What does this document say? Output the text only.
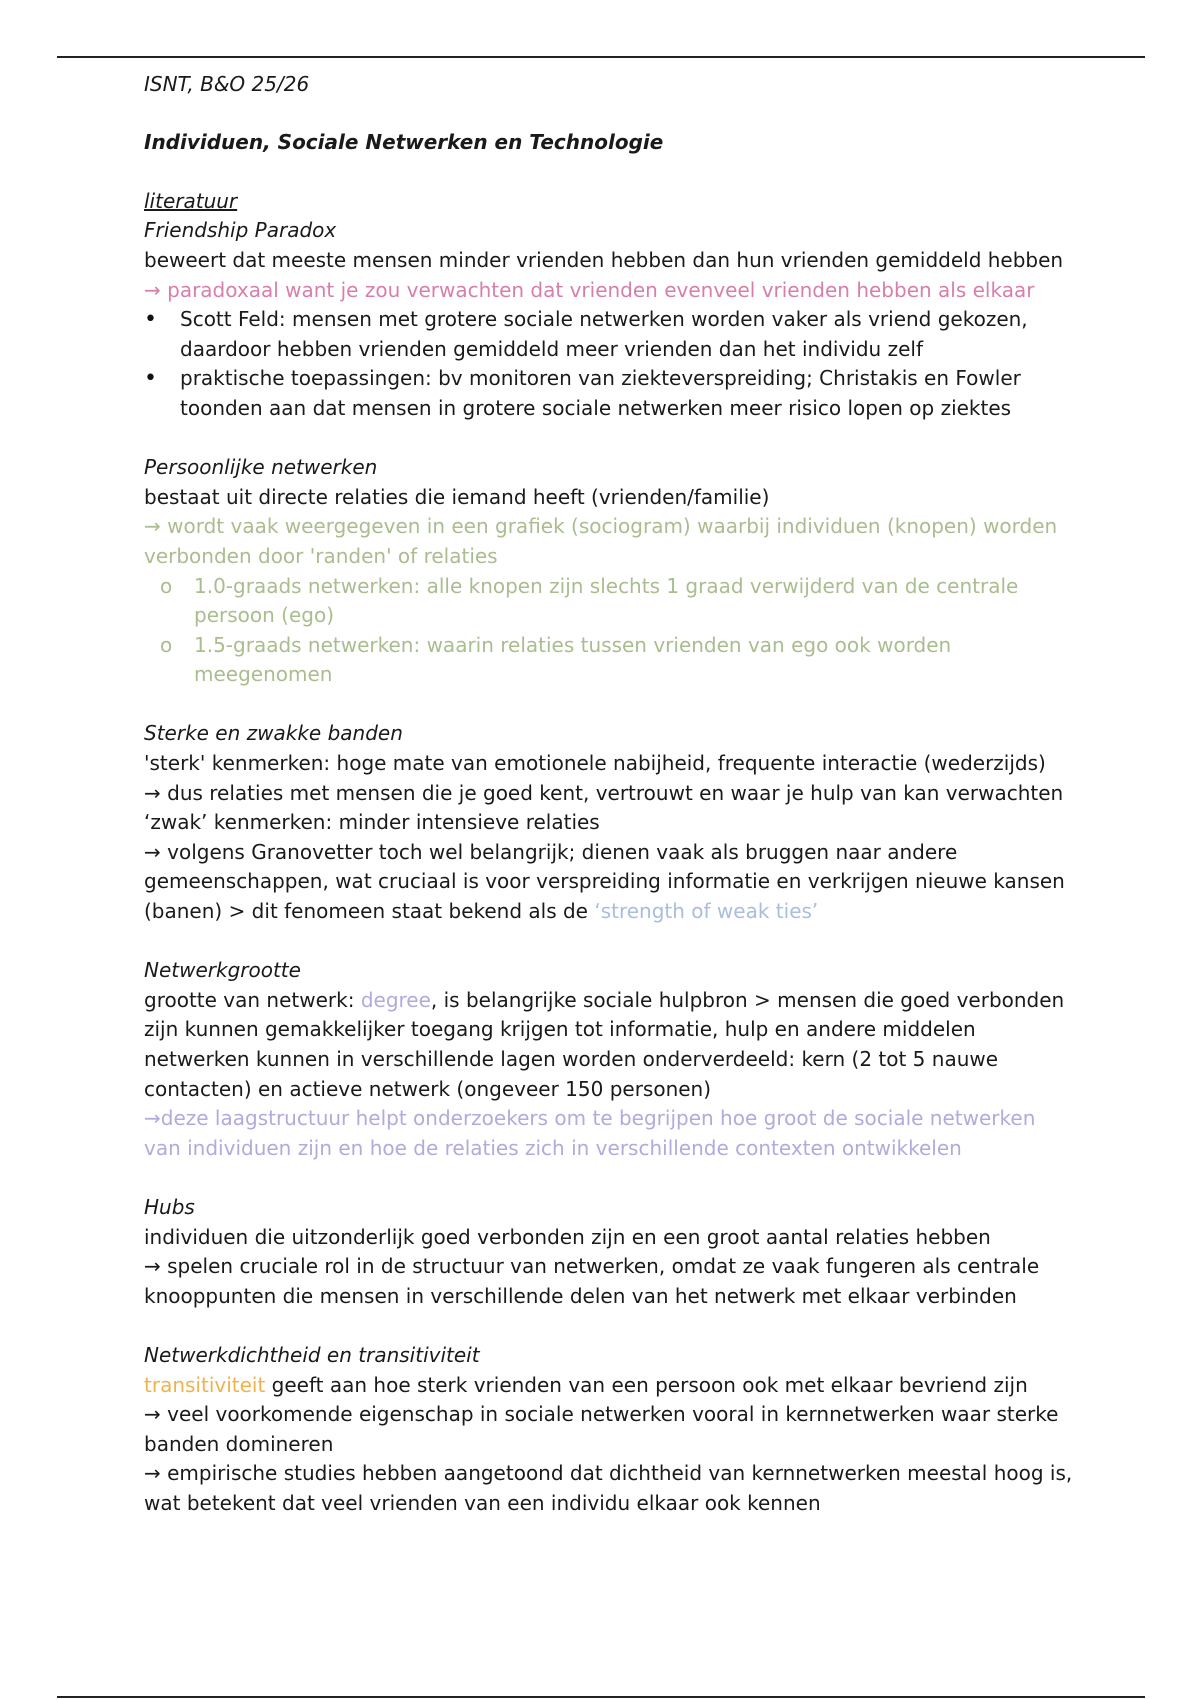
ISNT, B&O 25/26

Individuen, Sociale Netwerken en Technologie

literatuur

Friendship Paradox

beweert dat meeste mensen minder vrienden hebben dan hun vrienden gemiddeld hebben

→ paradoxaal want je zou verwachten dat vrienden evenveel vrienden hebben als elkaar

• Scott Feld: mensen met grotere sociale netwerken worden vaker als vriend gekozen, daardoor hebben vrienden gemiddeld meer vrienden dan het individu zelf
• praktische toepassingen: bv monitoren van ziekteverspreiding; Christakis en Fowler toonden aan dat mensen in grotere sociale netwerken meer risico lopen op ziektes

Persoonlijke netwerken

bestaat uit directe relaties die iemand heeft (vrienden/familie)

→ wordt vaak weergegeven in een grafiek (sociogram) waarbij individuen (knopen) worden verbonden door 'randen' of relaties

o 1.0-graads netwerken: alle knopen zijn slechts 1 graad verwijderd van de centrale persoon (ego)
o 1.5-graads netwerken: waarin relaties tussen vrienden van ego ook worden meegenomen

Sterke en zwakke banden

'sterk' kenmerken: hoge mate van emotionele nabijheid, frequente interactie (wederzijds)

→ dus relaties met mensen die je goed kent, vertrouwt en waar je hulp van kan verwachten

‘zwak’ kenmerken: minder intensieve relaties

→ volgens Granovetter toch wel belangrijk; dienen vaak als bruggen naar andere gemeenschappen, wat cruciaal is voor verspreiding informatie en verkrijgen nieuwe kansen (banen) > dit fenomeen staat bekend als de ‘strength of weak ties’

Netwerkgrootte

grootte van netwerk: degree, is belangrijke sociale hulpbron > mensen die goed verbonden zijn kunnen gemakkelijker toegang krijgen tot informatie, hulp en andere middelen

netwerken kunnen in verschillende lagen worden onderverdeeld: kern (2 tot 5 nauwe contacten) en actieve netwerk (ongeveer 150 personen)

→deze laagstructuur helpt onderzoekers om te begrijpen hoe groot de sociale netwerken van individuen zijn en hoe de relaties zich in verschillende contexten ontwikkelen

Hubs

individuen die uitzonderlijk goed verbonden zijn en een groot aantal relaties hebben

→ spelen cruciale rol in de structuur van netwerken, omdat ze vaak fungeren als centrale knooppunten die mensen in verschillende delen van het netwerk met elkaar verbinden

Netwerkdichtheid en transitiviteit

transitiviteit geeft aan hoe sterk vrienden van een persoon ook met elkaar bevriend zijn

→ veel voorkomende eigenschap in sociale netwerken vooral in kernnetwerken waar sterke banden domineren

→ empirische studies hebben aangetoond dat dichtheid van kernnetwerken meestal hoog is, wat betekent dat veel vrienden van een individu elkaar ook kennen
